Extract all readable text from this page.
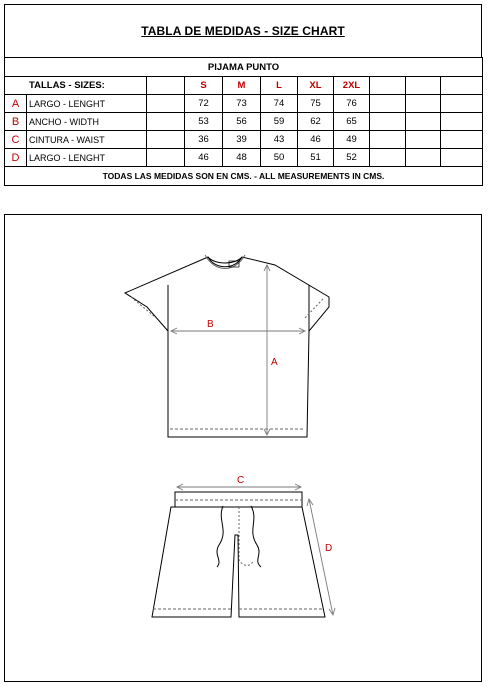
TABLA DE MEDIDAS - SIZE CHART
PIJAMA PUNTO										
TALLAS - SIZES:			S	M	L	XL	2XL			
A	LARGO - LENGHT		72	73	74	75	76			
B	ANCHO - WIDTH		53	56	59	62	65			
C	CINTURA - WAIST		36	39	43	46	49			
D	LARGO - LENGHT		46	48	50	51	52			
TODAS LAS MEDIDAS SON EN CMS. - ALL MEASUREMENTS IN CMS.										
A
B
C
D
